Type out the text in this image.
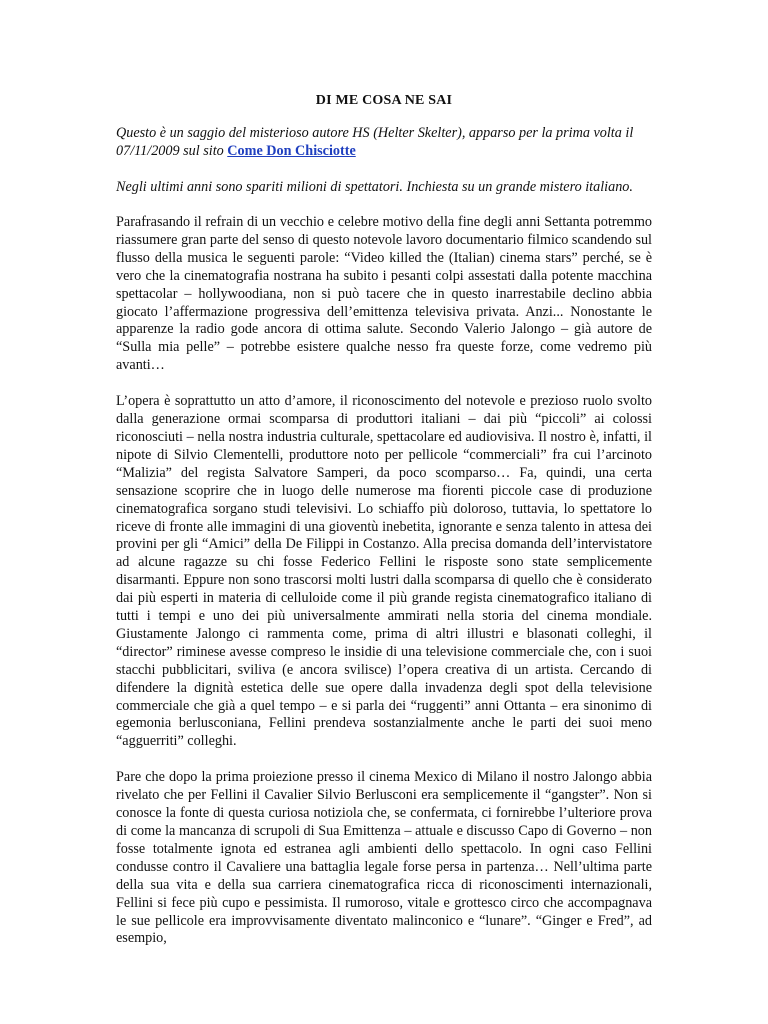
DI ME COSA NE SAI

Questo è un saggio del misterioso autore HS (Helter Skelter), apparso per la prima volta il 07/11/2009 sul sito Come Don Chisciotte

Negli ultimi anni sono spariti milioni di spettatori. Inchiesta su un grande mistero italiano.

Parafrasando il refrain di un vecchio e celebre motivo della fine degli anni Settanta potremmo riassumere gran parte del senso di questo notevole lavoro documentario filmico scandendo sul flusso della musica le seguenti parole: “Video killed the (Italian) cinema stars” perché, se è vero che la cinematografia nostrana ha subito i pesanti colpi assestati dalla potente macchina spettacolar – hollywoodiana, non si può tacere che in questo inarrestabile declino abbia giocato l’affermazione progressiva dell’emittenza televisiva privata. Anzi... Nonostante le apparenze la radio gode ancora di ottima salute. Secondo Valerio Jalongo – già autore de “Sulla mia pelle” – potrebbe esistere qualche nesso fra queste forze, come vedremo più avanti…

L’opera è soprattutto un atto d’amore, il riconoscimento del notevole e prezioso ruolo svolto dalla generazione ormai scomparsa di produttori italiani – dai più “piccoli” ai colossi riconosciuti – nella nostra industria culturale, spettacolare ed audiovisiva. Il nostro è, infatti, il nipote di Silvio Clementelli, produttore noto per pellicole “commerciali” fra cui l’arcinoto “Malizia” del regista Salvatore Samperi, da poco scomparso… Fa, quindi, una certa sensazione scoprire che in luogo delle numerose ma fiorenti piccole case di produzione cinematografica sorgano studi televisivi. Lo schiaffo più doloroso, tuttavia, lo spettatore lo riceve di fronte alle immagini di una gioventù inebetita, ignorante e senza talento in attesa dei provini per gli “Amici” della De Filippi in Costanzo. Alla precisa domanda dell’intervistatore ad alcune ragazze su chi fosse Federico Fellini le risposte sono state semplicemente disarmanti. Eppure non sono trascorsi molti lustri dalla scomparsa di quello che è considerato dai più esperti in materia di celluloide come il più grande regista cinematografico italiano di tutti i tempi e uno dei più universalmente ammirati nella storia del cinema mondiale. Giustamente Jalongo ci rammenta come, prima di altri illustri e blasonati colleghi, il “director” riminese avesse compreso le insidie di una televisione commerciale che, con i suoi stacchi pubblicitari, sviliva (e ancora svilisce) l’opera creativa di un artista. Cercando di difendere la dignità estetica delle sue opere dalla invadenza degli spot della televisione commerciale che già a quel tempo – e si parla dei “ruggenti” anni Ottanta – era sinonimo di egemonia berlusconiana, Fellini prendeva sostanzialmente anche le parti dei suoi meno “agguerriti” colleghi.

Pare che dopo la prima proiezione presso il cinema Mexico di Milano il nostro Jalongo abbia rivelato che per Fellini il Cavalier Silvio Berlusconi era semplicemente il “gangster”. Non si conosce la fonte di questa curiosa notiziola che, se confermata, ci fornirebbe l’ulteriore prova di come la mancanza di scrupoli di Sua Emittenza – attuale e discusso Capo di Governo – non fosse totalmente ignota ed estranea agli ambienti dello spettacolo. In ogni caso Fellini condusse contro il Cavaliere una battaglia legale forse persa in partenza… Nell’ultima parte della sua vita e della sua carriera cinematografica ricca di riconoscimenti internazionali, Fellini si fece più cupo e pessimista. Il rumoroso, vitale e grottesco circo che accompagnava le sue pellicole era improvvisamente diventato malinconico e “lunare”. “Ginger e Fred”, ad esempio,
